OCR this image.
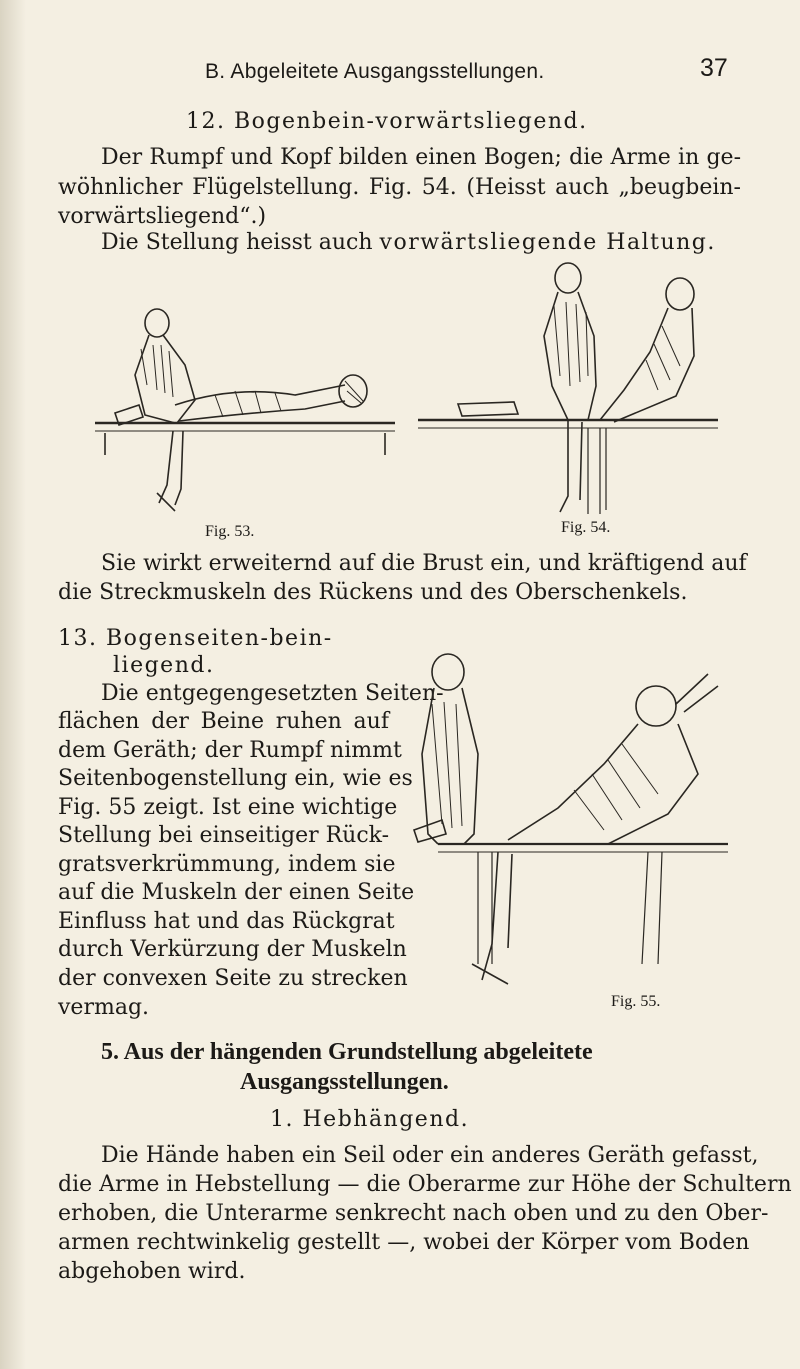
B. Abgeleitete Ausgangsstellungen.	37
12. Bogenbein-vorwärtsliegend.
Der Rumpf und Kopf bilden einen Bogen; die Arme in ge-
wöhnlicher Flügelstellung. Fig. 54. (Heisst auch „beugbein-
vorwärtsliegend“.)
Die Stellung heisst auch vorwärtsliegende Haltung.
Fig. 53.	Fig. 54.
Sie wirkt erweiternd auf die Brust ein, und kräftigend auf
die Streckmuskeln des Rückens und des Oberschenkels.
13. Bogenseiten-bein-
liegend.
Die entgegengesetzten Seiten-
flächen der Beine ruhen auf
dem Geräth; der Rumpf nimmt
Seitenbogenstellung ein, wie es
Fig. 55 zeigt. Ist eine wichtige
Stellung bei einseitiger Rück-
gratsverkrümmung, indem sie
auf die Muskeln der einen Seite
Einfluss hat und das Rückgrat
durch Verkürzung der Muskeln
der convexen Seite zu strecken
vermag.	Fig. 55.
5. Aus der hängenden Grundstellung abgeleitete
Ausgangsstellungen.
1. Hebhängend.
Die Hände haben ein Seil oder ein anderes Geräth gefasst,
die Arme in Hebstellung — die Oberarme zur Höhe der Schultern
erhoben, die Unterarme senkrecht nach oben und zu den Ober-
armen rechtwinkelig gestellt —, wobei der Körper vom Boden
abgehoben wird.
